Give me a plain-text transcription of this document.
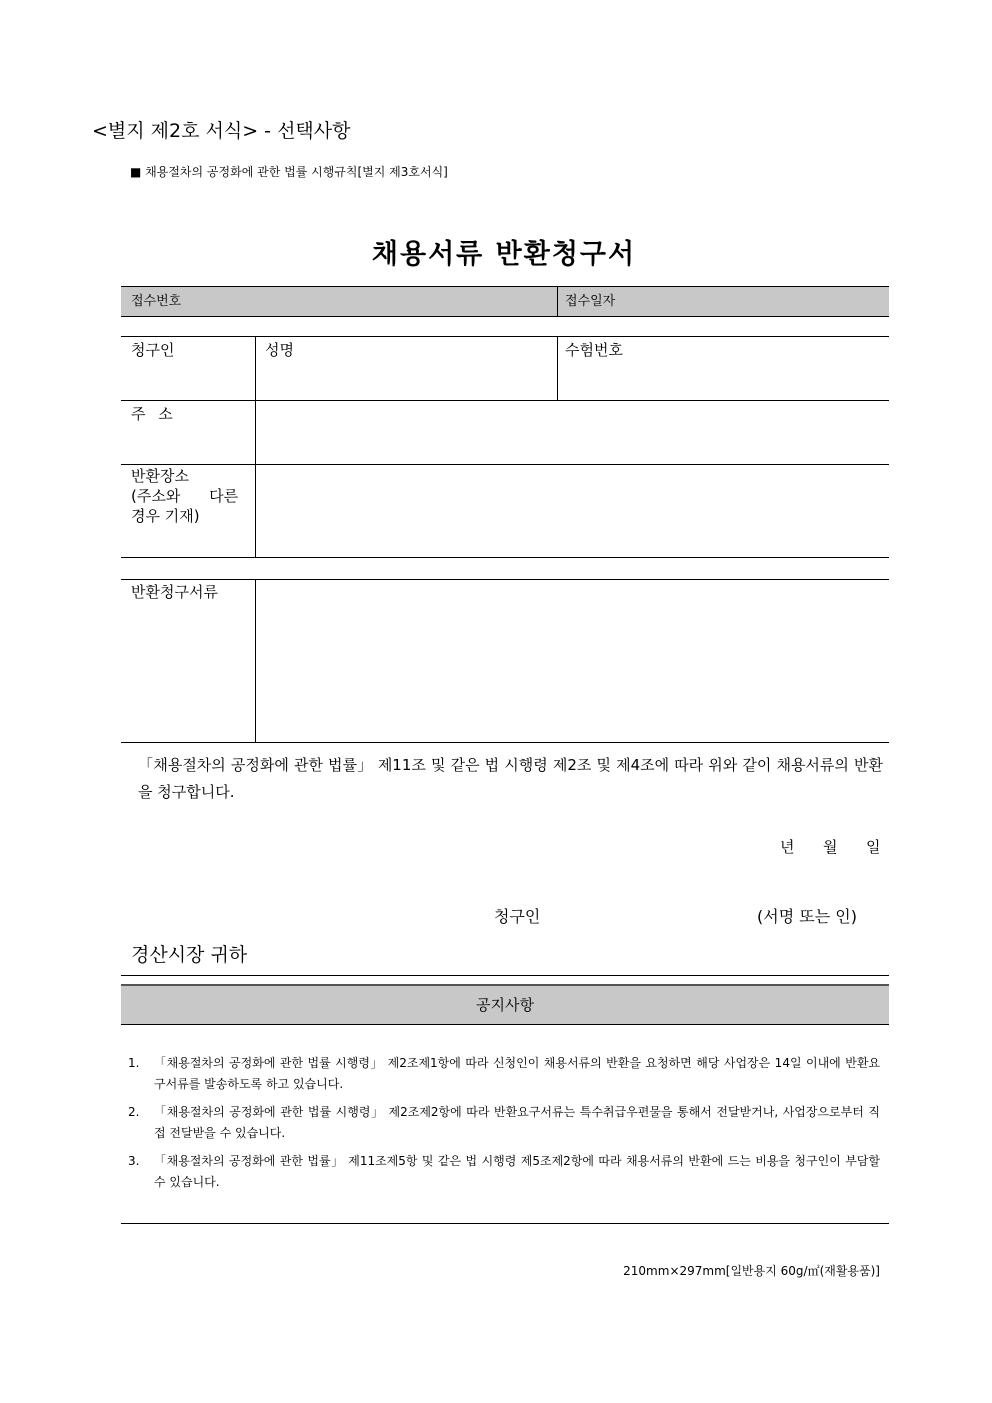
<별지 제2호 서식> - 선택사항
■ 채용절차의 공정화에 관한 법률 시행규칙[별지 제3호서식]
채용서류 반환청구서
접수번호	접수일자
청구인	성명	수험번호
주 소
반환장소
(주소와 다른
경우 기재)
반환청구서류
「채용절차의 공정화에 관한 법률」 제11조 및 같은 법 시행령 제2조 및 제4조에 따라 위와 같이 채용서류의 반환을 청구합니다.
년 월 일
청구인	(서명 또는 인)
경산시장 귀하
공지사항
1.	「채용절차의 공정화에 관한 법률 시행령」 제2조제1항에 따라 신청인이 채용서류의 반환을 요청하면 해당 사업장은 14일 이내에 반환요구서류를 발송하도록 하고 있습니다.
2.	「채용절차의 공정화에 관한 법률 시행령」 제2조제2항에 따라 반환요구서류는 특수취급우편물을 통해서 전달받거나, 사업장으로부터 직접 전달받을 수 있습니다.
3.	「채용절차의 공정화에 관한 법률」 제11조제5항 및 같은 법 시행령 제5조제2항에 따라 채용서류의 반환에 드는 비용을 청구인이 부담할 수 있습니다.
210mm×297mm[일반용지 60g/㎡(재활용품)]
